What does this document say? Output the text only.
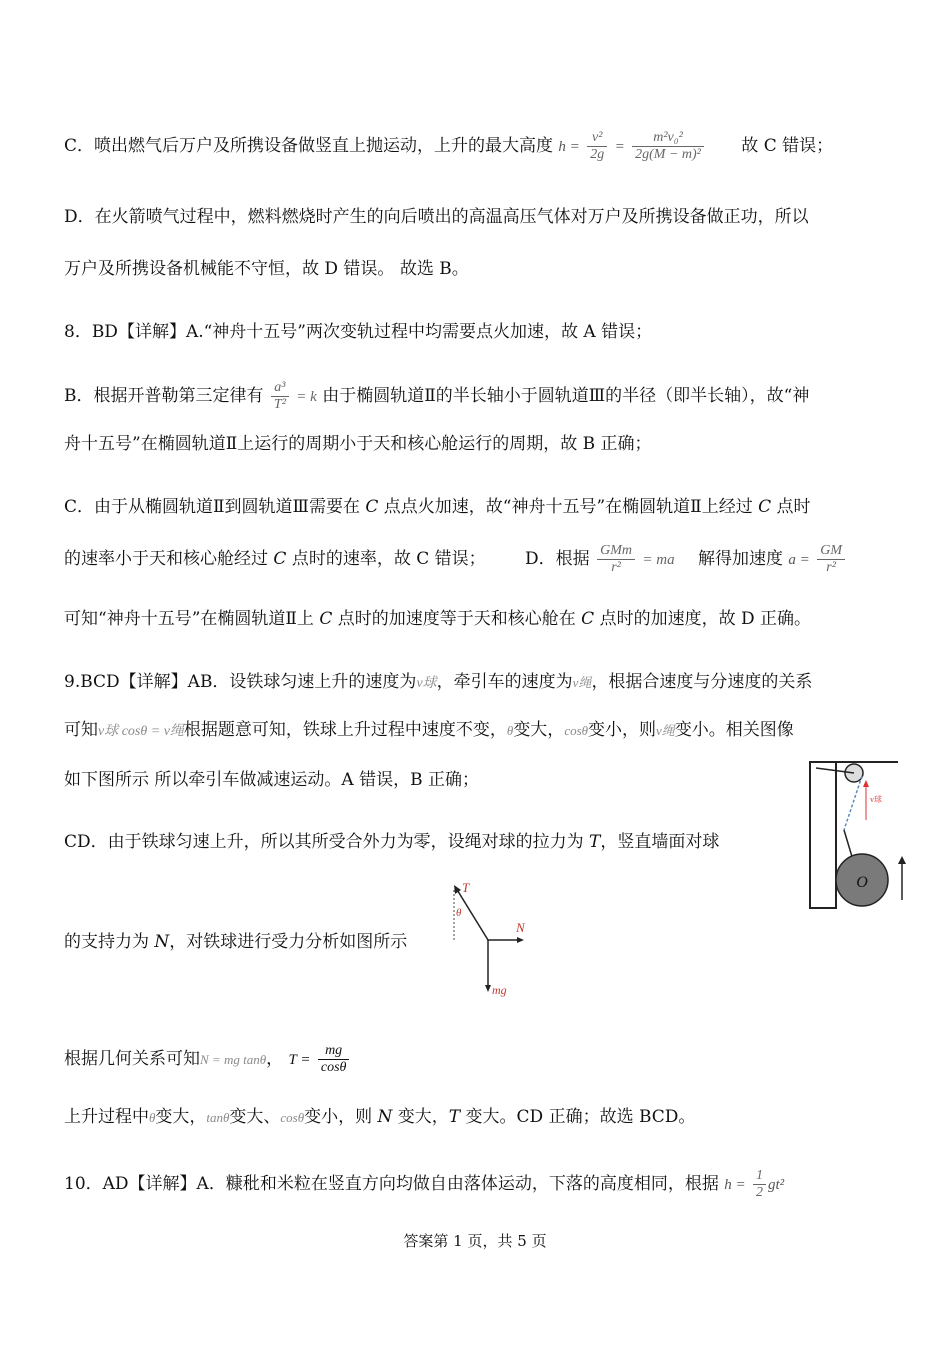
C．喷出燃气后万户及所携设备做竖直上抛运动，上升的最大高度 $h = \frac{\text{v²}}{2g} = \frac{\text{m²v₀²}}{\text{2g(M − m)²}}$ 故 C 错误；
D．在火箭喷气过程中，燃料燃烧时产生的向后喷出的高温高压气体对万户及所携设备做正功，所以
万户及所携设备机械能不守恒，故 D 错误。 故选 B。
8．BD【详解】A.“神舟十五号”两次变轨过程中均需要点火加速，故 A 错误；
B．根据开普勒第三定律有 $\frac{\text{a³}}{\text{T²}} = k$ 由于椭圆轨道Ⅱ的半长轴小于圆轨道Ⅲ的半径（即半长轴），故“神
舟十五号”在椭圆轨道Ⅱ上运行的周期小于天和核心舱运行的周期，故 B 正确；
C．由于从椭圆轨道Ⅱ到圆轨道Ⅲ需要在 C 点点火加速，故“神舟十五号”在椭圆轨道Ⅱ上经过 C 点时
的速率小于天和核心舱经过 C 点时的速率，故 C 错误； D．根据 $\frac{\text{GMm}}{\text{r²}}$ = ma 解得加速度 $a = \frac{GM}{\text{r²}}$
可知“神舟十五号”在椭圆轨道Ⅱ上 C 点时的加速度等于天和核心舱在 C 点时的加速度，故 D 正确。
9.BCD【详解】AB．设铁球匀速上升的速度为v球，牵引车的速度为v绳，根据合速度与分速度的关系
可知v球 cosθ = v绳根据题意可知，铁球上升过程中速度不变，θ变大，cosθ变小，则v绳变小。相关图像
如下图所示 所以牵引车做减速运动。A 错误，B 正确；
v球
O
CD．由于铁球匀速上升，所以其所受合外力为零，设绳对球的拉力为 T，竖直墙面对球
T
θ
N
mg
的支持力为 N，对铁球进行受力分析如图所示
根据几何关系可知N = mg tanθ， $T = \frac{mg}{\cos\theta}$
上升过程中θ变大，tanθ变大、cosθ变小，则 N 变大，T 变大。CD 正确；故选 BCD。
10．AD【详解】A．糠秕和米粒在竖直方向均做自由落体运动，下落的高度相同，根据 $h = \frac{1}{2} gt^2$
答案第 1 页，共 5 页
